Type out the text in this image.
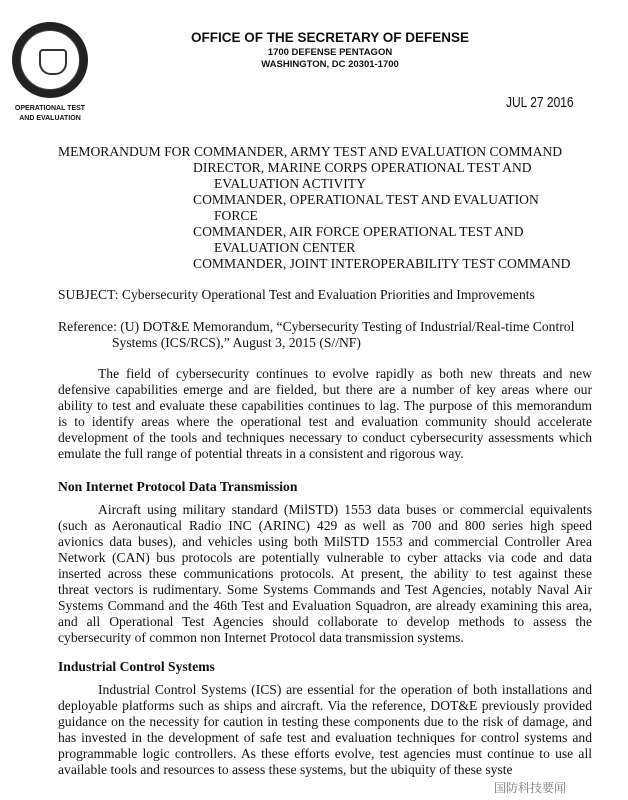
OPERATIONAL TEST
AND EVALUATION
OFFICE OF THE SECRETARY OF DEFENSE
1700 DEFENSE PENTAGON
WASHINGTON, DC 20301-1700
JUL 27 2016
MEMORANDUM FOR COMMANDER, ARMY TEST AND EVALUATION COMMAND
DIRECTOR, MARINE CORPS OPERATIONAL TEST AND
EVALUATION ACTIVITY
COMMANDER, OPERATIONAL TEST AND EVALUATION
FORCE
COMMANDER, AIR FORCE OPERATIONAL TEST AND
EVALUATION CENTER
COMMANDER, JOINT INTEROPERABILITY TEST COMMAND
SUBJECT: Cybersecurity Operational Test and Evaluation Priorities and Improvements
Reference: (U) DOT&E Memorandum, “Cybersecurity Testing of Industrial/Real-time Control
Systems (ICS/RCS),” August 3, 2015 (S//NF)
The field of cybersecurity continues to evolve rapidly as both new threats and new
defensive capabilities emerge and are fielded, but there are a number of key areas where our
ability to test and evaluate these capabilities continues to lag. The purpose of this memorandum
is to identify areas where the operational test and evaluation community should accelerate
development of the tools and techniques necessary to conduct cybersecurity assessments which
emulate the full range of potential threats in a consistent and rigorous way.
Non Internet Protocol Data Transmission
Aircraft using military standard (MilSTD) 1553 data buses or commercial equivalents
(such as Aeronautical Radio INC (ARINC) 429 as well as 700 and 800 series high speed
avionics data buses), and vehicles using both MilSTD 1553 and commercial Controller Area
Network (CAN) bus protocols are potentially vulnerable to cyber attacks via code and data
inserted across these communications protocols. At present, the ability to test against these
threat vectors is rudimentary. Some Systems Commands and Test Agencies, notably Naval Air
Systems Command and the 46th Test and Evaluation Squadron, are already examining this area,
and all Operational Test Agencies should collaborate to develop methods to assess the
cybersecurity of common non Internet Protocol data transmission systems.
Industrial Control Systems
Industrial Control Systems (ICS) are essential for the operation of both installations and
deployable platforms such as ships and aircraft. Via the reference, DOT&E previously provided
guidance on the necessity for caution in testing these components due to the risk of damage, and
has invested in the development of safe test and evaluation techniques for control systems and
programmable logic controllers. As these efforts evolve, test agencies must continue to use all
available tools and resources to assess these systems, but the ubiquity of these syste
国防科技要闻
